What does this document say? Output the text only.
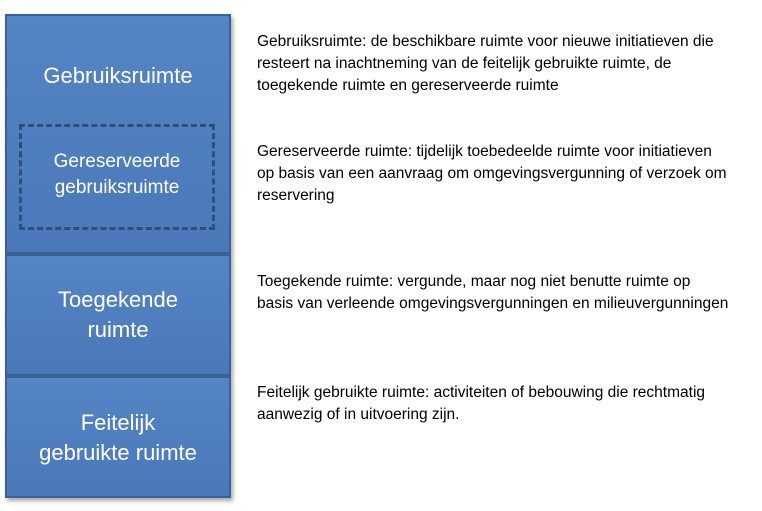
Gebruiksruimte
Gereserveerde
gebruiksruimte
Toegekende
ruimte
Feitelijk
gebruikte ruimte
Gebruiksruimte: de beschikbare ruimte voor nieuwe initiatieven die
resteert na inachtneming van de feitelijk gebruikte ruimte, de
toegekende ruimte en gereserveerde ruimte
Gereserveerde ruimte: tijdelijk toebedeelde ruimte voor initiatieven
op basis van een aanvraag om omgevingsvergunning of verzoek om
reservering
Toegekende ruimte: vergunde, maar nog niet benutte ruimte op
basis van verleende omgevingsvergunningen en milieuvergunningen
Feitelijk gebruikte ruimte: activiteiten of bebouwing die rechtmatig
aanwezig of in uitvoering zijn.
